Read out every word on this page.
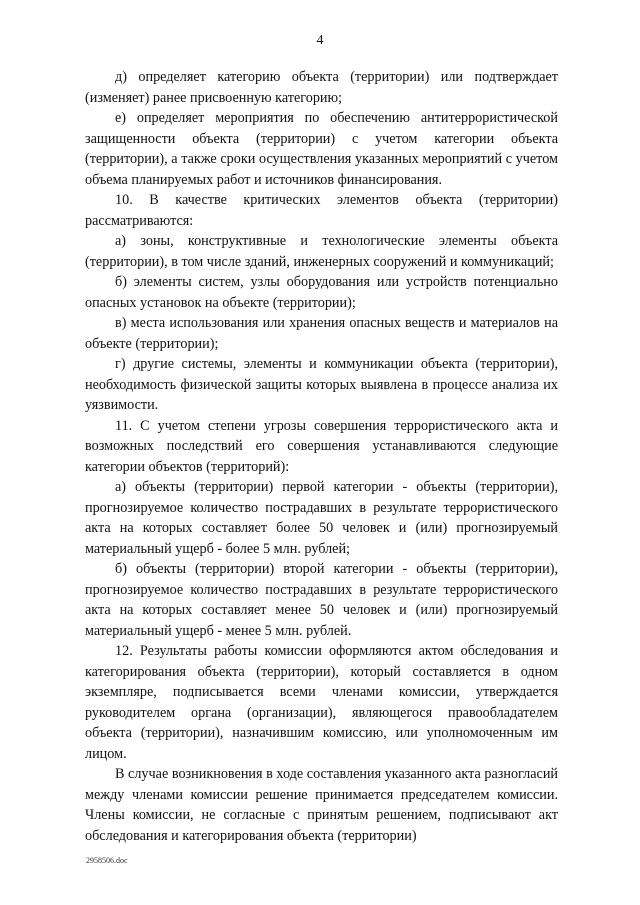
4

д) определяет категорию объекта (территории) или подтверждает (изменяет) ранее присвоенную категорию;

е) определяет мероприятия по обеспечению антитеррористической защищенности объекта (территории) с учетом категории объекта (территории), а также сроки осуществления указанных мероприятий с учетом объема планируемых работ и источников финансирования.

10. В качестве критических элементов объекта (территории) рассматриваются:

а) зоны, конструктивные и технологические элементы объекта (территории), в том числе зданий, инженерных сооружений и коммуникаций;

б) элементы систем, узлы оборудования или устройств потенциально опасных установок на объекте (территории);

в) места использования или хранения опасных веществ и материалов на объекте (территории);

г) другие системы, элементы и коммуникации объекта (территории), необходимость физической защиты которых выявлена в процессе анализа их уязвимости.

11. С учетом степени угрозы совершения террористического акта и возможных последствий его совершения устанавливаются следующие категории объектов (территорий):

а) объекты (территории) первой категории - объекты (территории), прогнозируемое количество пострадавших в результате террористического акта на которых составляет более 50 человек и (или) прогнозируемый материальный ущерб - более 5 млн. рублей;

б) объекты (территории) второй категории - объекты (территории), прогнозируемое количество пострадавших в результате террористического акта на которых составляет менее 50 человек и (или) прогнозируемый материальный ущерб - менее 5 млн. рублей.

12. Результаты работы комиссии оформляются актом обследования и категорирования объекта (территории), который составляется в одном экземпляре, подписывается всеми членами комиссии, утверждается руководителем органа (организации), являющегося правообладателем объекта (территории), назначившим комиссию, или уполномоченным им лицом.

В случае возникновения в ходе составления указанного акта разногласий между членами комиссии решение принимается председателем комиссии. Члены комиссии, не согласные с принятым решением, подписывают акт обследования и категорирования объекта (территории)

2958506.doc
